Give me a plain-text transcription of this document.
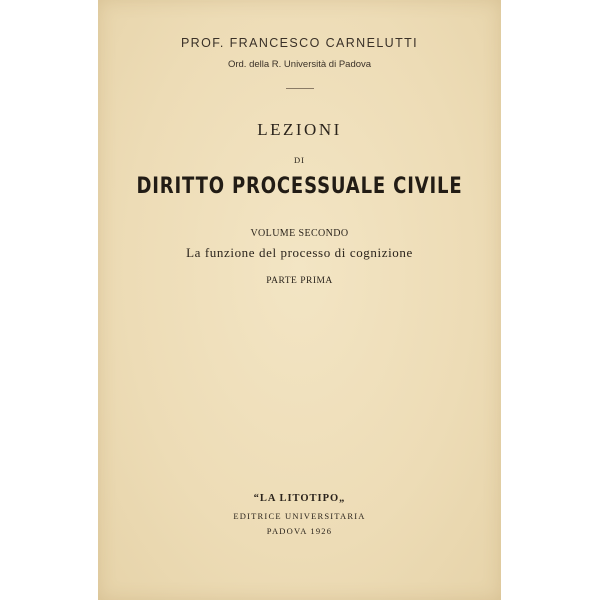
PROF. FRANCESCO CARNELUTTI
Ord. della R. Università di Padova
LEZIONI
DI
DIRITTO PROCESSUALE CIVILE
VOLUME SECONDO
La funzione del processo di cognizione
PARTE PRIMA
“LA LITOTIPO„
EDITRICE UNIVERSITARIA
PADOVA 1926
